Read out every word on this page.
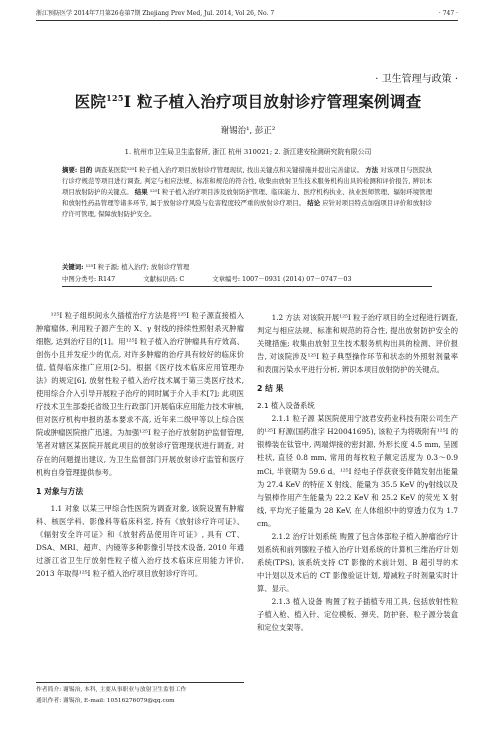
浙江预防医学 2014年7月第26卷第7期 Zhejiang Prev Med, Jul. 2014, Vol 26, No. 7	· 747 ·
· 卫生管理与政策 ·
医院$^{125}$I 粒子植入治疗项目放射诊疗管理案例调查
谢锡治¹, 彭正²
1. 杭州市卫生局卫生监督所, 浙江 杭州 310021; 2. 浙江建安检测研究院有限公司
摘要: 目的 调查某医院¹²⁵I 粒子植入治疗项目放射诊疗管理现状, 找出关键点和关键措施并提出完善建议。 方法 对该项目与医院执行诊疗规范等项目进行调查, 判定与相应法规、标准和规范的符合性, 收集由放射卫生技术服务机构出具的检测和评价报告, 辨识本项目放射防护的关键点。 结果 ¹²⁵I 粒子植入治疗项目涉及放射防护管理、临床能力、医疗机构执业、执业医师管理、辐射环境管理和放射性药品管理等诸多环节, 属于放射诊疗风险与危害程度较严重的放射诊疗项目。 结论 应针对项目特点加强项目评价和放射诊疗许可管理, 保障放射防护安全。
关键词: ¹²⁵I 粒子源; 植入治疗; 放射诊疗管理
中图分类号: R147	文献标识码: C	文章编号: 1007－0931 (2014) 07－0747－03

¹²⁵I 粒子组织间永久插植治疗方法是将¹²⁵I 粒子源直接植入肿瘤瘤体, 利用粒子源产生的 X、γ 射线的持续性照射杀灭肿瘤细胞, 达到治疗目的[1]。用¹²⁵I 粒子植入治疗肿瘤具有疗效高、创伤小且并发症少的优点, 对许多肿瘤的治疗具有较好的临床价值, 值得临床推广应用[2-5]。根据《医疗技术临床应用管理办法》的规定[6], 放射性粒子植入治疗技术属于第三类医疗技术, 使用综合介入引导开展粒子治疗的同时属于介入手术[7]; 此项医疗技术卫生部委托省级卫生行政部门开展临床应用能力技术审核, 但对医疗机构申报的基本要求不高, 近年来二级甲等以上综合医院或肿瘤医院推广迅速。为加强¹²⁵I 粒子治疗放射防护监督管理, 笔者对辖区某医院开展此项目的放射诊疗管理现状进行调查, 对存在的问题提出建议, 为卫生监督部门开展放射诊疗监管和医疗机构自身管理提供参考。

1 对象与方法

1.1 对象 以某三甲综合性医院为调查对象, 该院设置有肿瘤科、核医学科、影像科等临床科室, 持有《放射诊疗许可证》、《辐射安全许可证》和《放射药品使用许可证》, 具有 CT、DSA、MRI、超声、内镜等多种影像引导技术设备, 2010 年通过浙江省卫生厅放射性粒子植入治疗技术临床应用能力评价, 2013 年取得¹²⁵I 粒子植入治疗项目放射诊疗许可。

1.2 方法 对该院开展¹²⁵I 粒子治疗项目的全过程进行调查, 判定与相应法规、标准和规范的符合性, 提出放射防护安全的关键措施; 收集由放射卫生技术服务机构出具的检测、评价报告, 对该院涉及¹²⁵I 粒子典型操作环节和状态的外照射剂量率和表面污染水平进行分析, 辨识本项目放射防护的关键点。

2 结 果
2.1 植入设备系统

2.1.1 粒子源 某医院使用宁波君安药业科技有限公司生产的¹²⁵I 籽源(国药准字 H20041695), 该粒子为将吸附有¹²⁵I 的银棒装在钛管中, 两端焊接的密封源, 外形长度 4.5 mm, 呈圆柱状, 直径 0.8 mm, 常用的每枚粒子额定活度为 0.3～0.9 mCi, 半衰期为 59.6 d。¹²⁵I 经电子俘获衰变伴随发射出能量为 27.4 KeV 的特征 X 射线、能量为 35.5 KeV 的γ射线以及与银棒作用产生能量为 22.2 KeV 和 25.2 KeV 的荧光 X 射线, 平均光子能量为 28 KeV, 在人体组织中的穿透力仅为 1.7 cm。

2.1.2 治疗计划系统 购置了包含体部粒子植入肿瘤治疗计划系统和前列腺粒子植入治疗计划系统的计算机三维治疗计划系统(TPS), 该系统支持 CT 影像的术前计划、B 超引导的术中计划以及术后的 CT 影像验证计划, 增减粒子时剂量实时计算、显示。

2.1.3 植入设备 购置了粒子插植专用工具, 包括放射性粒子植入枪、植入针、定位模板、弹夹、防护套、粒子源分装盒和定位支架等。

作者简介: 谢锡治, 本科, 主要从事职业与放射卫生监督工作
通讯作者: 谢锡治, E-mail: 10516276079@qq.com
